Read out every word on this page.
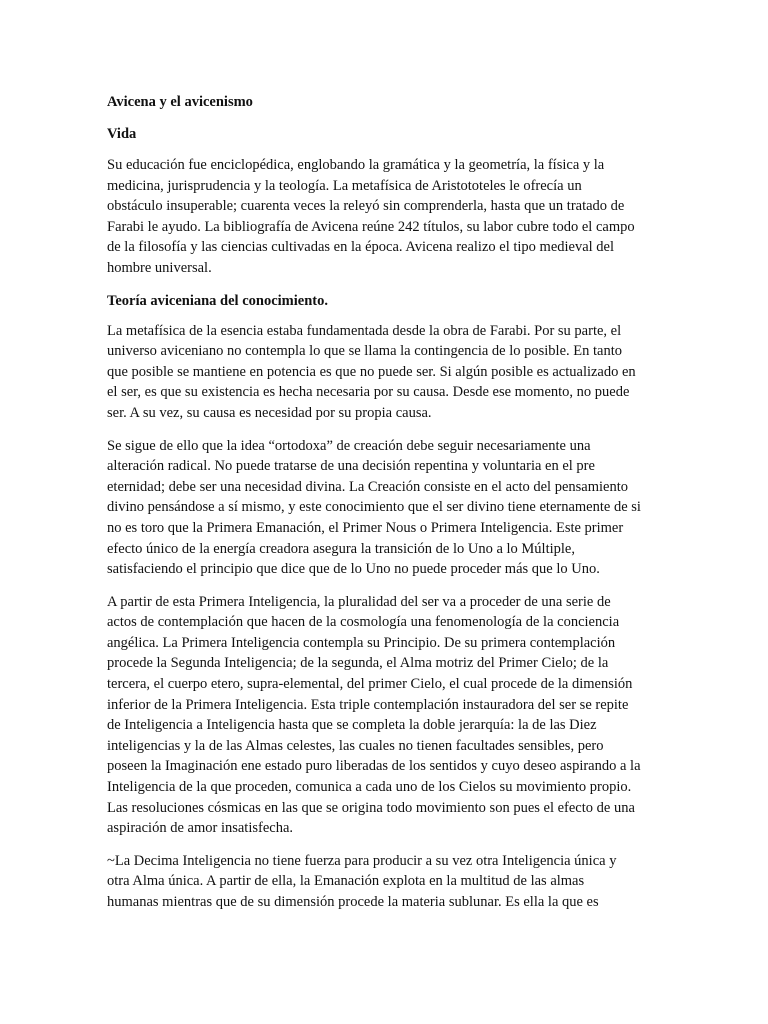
Avicena y el avicenismo
Vida
Su educación fue enciclopédica, englobando la gramática y la geometría, la física y la
medicina, jurisprudencia y la teología. La metafísica de Aristototeles le ofrecía un
obstáculo insuperable; cuarenta veces la releyó sin comprenderla, hasta que un tratado de
Farabi le ayudo. La bibliografía de Avicena reúne 242 títulos, su labor cubre todo el campo
de la filosofía y las ciencias cultivadas en la época. Avicena realizo el tipo medieval del
hombre universal.
Teoría aviceniana del conocimiento.
La metafísica de la esencia estaba fundamentada desde la obra de Farabi. Por su parte, el
universo aviceniano no contempla lo que se llama la contingencia de lo posible. En tanto
que posible se mantiene en potencia es que no puede ser. Si algún posible es actualizado en
el ser, es que su existencia es hecha necesaria por su causa. Desde ese momento, no puede
ser. A su vez, su causa es necesidad por su propia causa.
Se sigue de ello que la idea “ortodoxa” de creación debe seguir necesariamente una
alteración radical. No puede tratarse de una decisión repentina y voluntaria en el pre
eternidad; debe ser una necesidad divina. La Creación consiste en el acto del pensamiento
divino pensándose a sí mismo, y este conocimiento que el ser divino tiene eternamente de si
no es toro que la Primera Emanación, el Primer Nous o Primera Inteligencia. Este primer
efecto único de la energía creadora asegura la transición de lo Uno a lo Múltiple,
satisfaciendo el principio que dice que de lo Uno no puede proceder más que lo Uno.
A partir de esta Primera Inteligencia, la pluralidad del ser va a proceder de una serie de
actos de contemplación que hacen de la cosmología una fenomenología de la conciencia
angélica. La Primera Inteligencia contempla su Principio. De su primera contemplación
procede la Segunda Inteligencia; de la segunda, el Alma motriz del Primer Cielo; de la
tercera, el cuerpo etero, supra-elemental, del primer Cielo, el cual procede de la dimensión
inferior de la Primera Inteligencia. Esta triple contemplación instauradora del ser se repite
de Inteligencia a Inteligencia hasta que se completa la doble jerarquía: la de las Diez
inteligencias y la de las Almas celestes, las cuales no tienen facultades sensibles, pero
poseen la Imaginación ene estado puro liberadas de los sentidos y cuyo deseo aspirando a la
Inteligencia de la que proceden, comunica a cada uno de los Cielos su movimiento propio.
Las resoluciones cósmicas en las que se origina todo movimiento son pues el efecto de una
aspiración de amor insatisfecha.
~La Decima Inteligencia no tiene fuerza para producir a su vez otra Inteligencia única y
otra Alma única. A partir de ella, la Emanación explota en la multitud de las almas
humanas mientras que de su dimensión procede la materia sublunar. Es ella la que es
